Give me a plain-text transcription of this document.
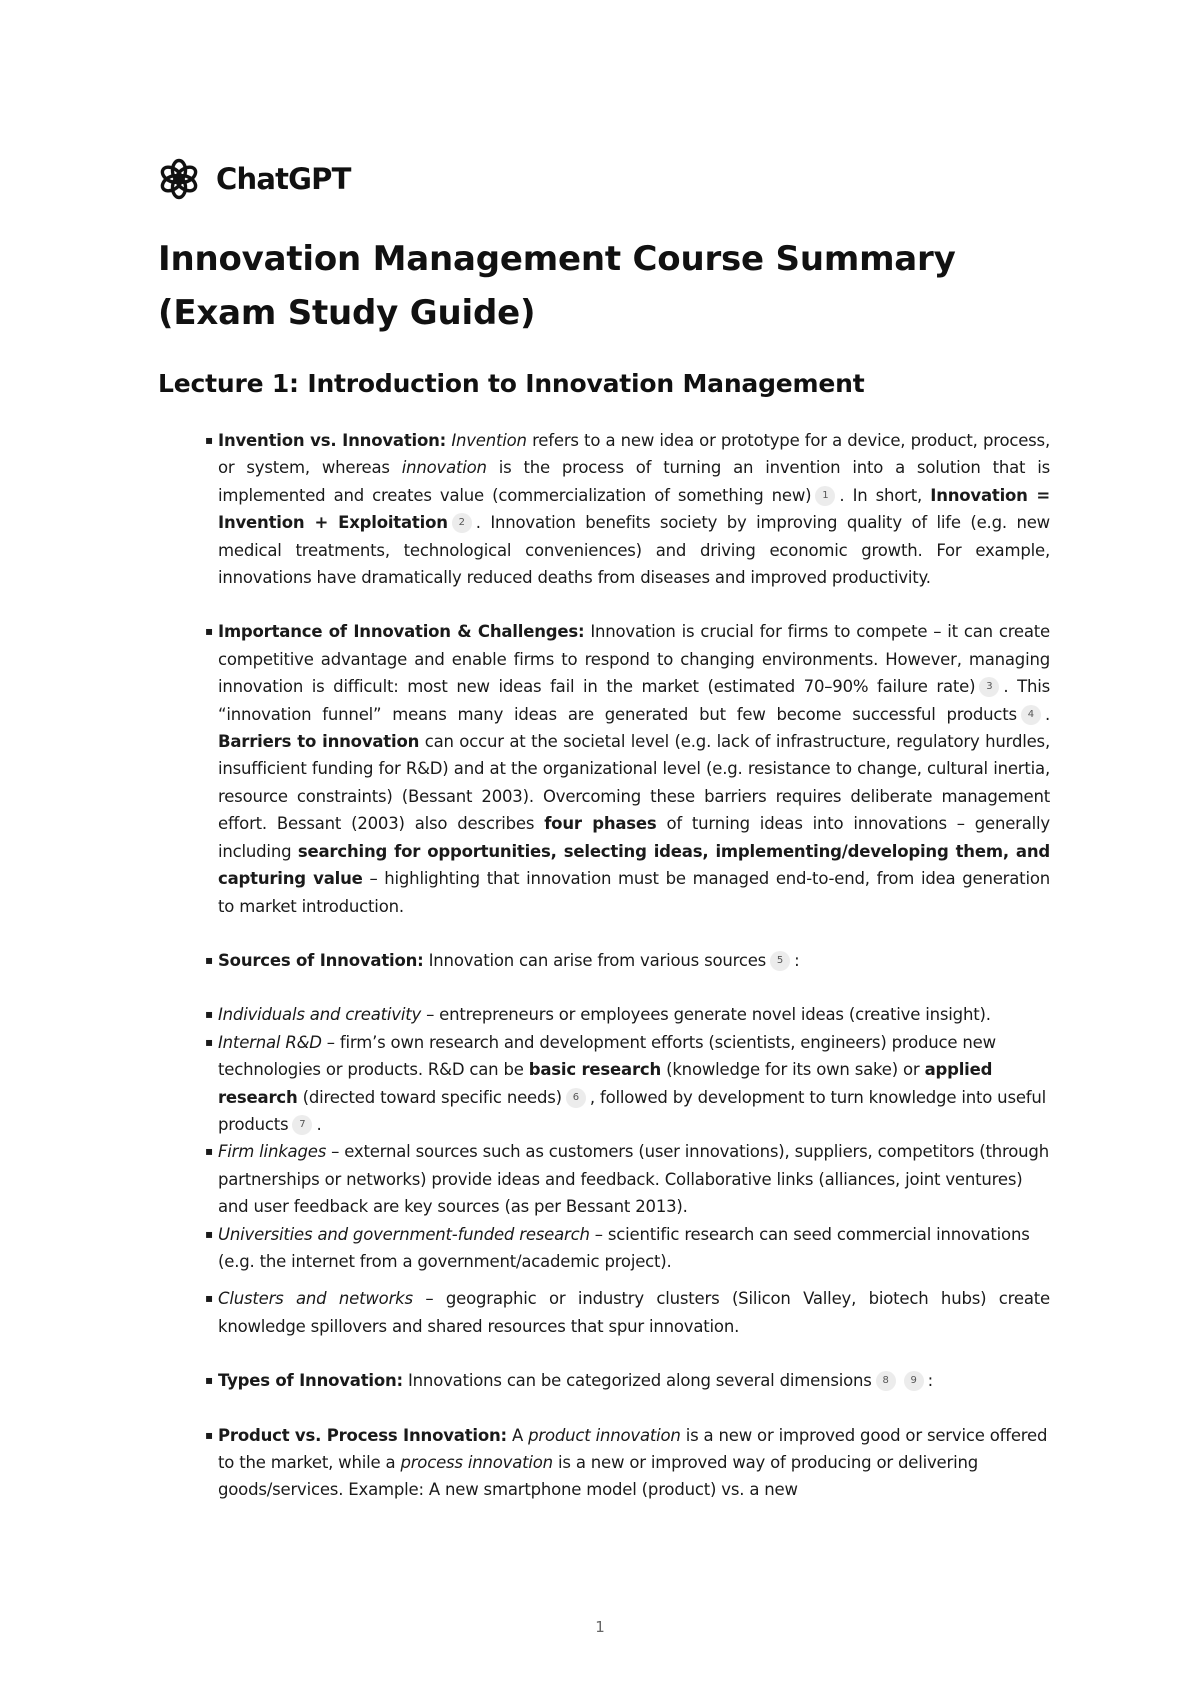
ChatGPT
Innovation Management Course Summary (Exam Study Guide)
Lecture 1: Introduction to Innovation Management
▪ Invention vs. Innovation: Invention refers to a new idea or prototype for a device, product, process, or system, whereas innovation is the process of turning an invention into a solution that is implemented and creates value (commercialization of something new) 1 . In short, Innovation = Invention + Exploitation 2 . Innovation benefits society by improving quality of life (e.g. new medical treatments, technological conveniences) and driving economic growth. For example, innovations have dramatically reduced deaths from diseases and improved productivity.
▪ Importance of Innovation & Challenges: Innovation is crucial for firms to compete – it can create competitive advantage and enable firms to respond to changing environments. However, managing innovation is difficult: most new ideas fail in the market (estimated 70–90% failure rate) 3 . This “innovation funnel” means many ideas are generated but few become successful products 4 . Barriers to innovation can occur at the societal level (e.g. lack of infrastructure, regulatory hurdles, insufficient funding for R&D) and at the organizational level (e.g. resistance to change, cultural inertia, resource constraints) (Bessant 2003). Overcoming these barriers requires deliberate management effort. Bessant (2003) also describes four phases of turning ideas into innovations – generally including searching for opportunities, selecting ideas, implementing/developing them, and capturing value – highlighting that innovation must be managed end-to-end, from idea generation to market introduction.
▪ Sources of Innovation: Innovation can arise from various sources 5 :
▪ Individuals and creativity – entrepreneurs or employees generate novel ideas (creative insight).
▪ Internal R&D – firm’s own research and development efforts (scientists, engineers) produce new technologies or products. R&D can be basic research (knowledge for its own sake) or applied research (directed toward specific needs) 6 , followed by development to turn knowledge into useful products 7 .
▪ Firm linkages – external sources such as customers (user innovations), suppliers, competitors (through partnerships or networks) provide ideas and feedback. Collaborative links (alliances, joint ventures) and user feedback are key sources (as per Bessant 2013).
▪ Universities and government-funded research – scientific research can seed commercial innovations (e.g. the internet from a government/academic project).
▪ Clusters and networks – geographic or industry clusters (Silicon Valley, biotech hubs) create knowledge spillovers and shared resources that spur innovation.
▪ Types of Innovation: Innovations can be categorized along several dimensions 8 9 :
▪ Product vs. Process Innovation: A product innovation is a new or improved good or service offered to the market, while a process innovation is a new or improved way of producing or delivering goods/services. Example: A new smartphone model (product) vs. a new
1
